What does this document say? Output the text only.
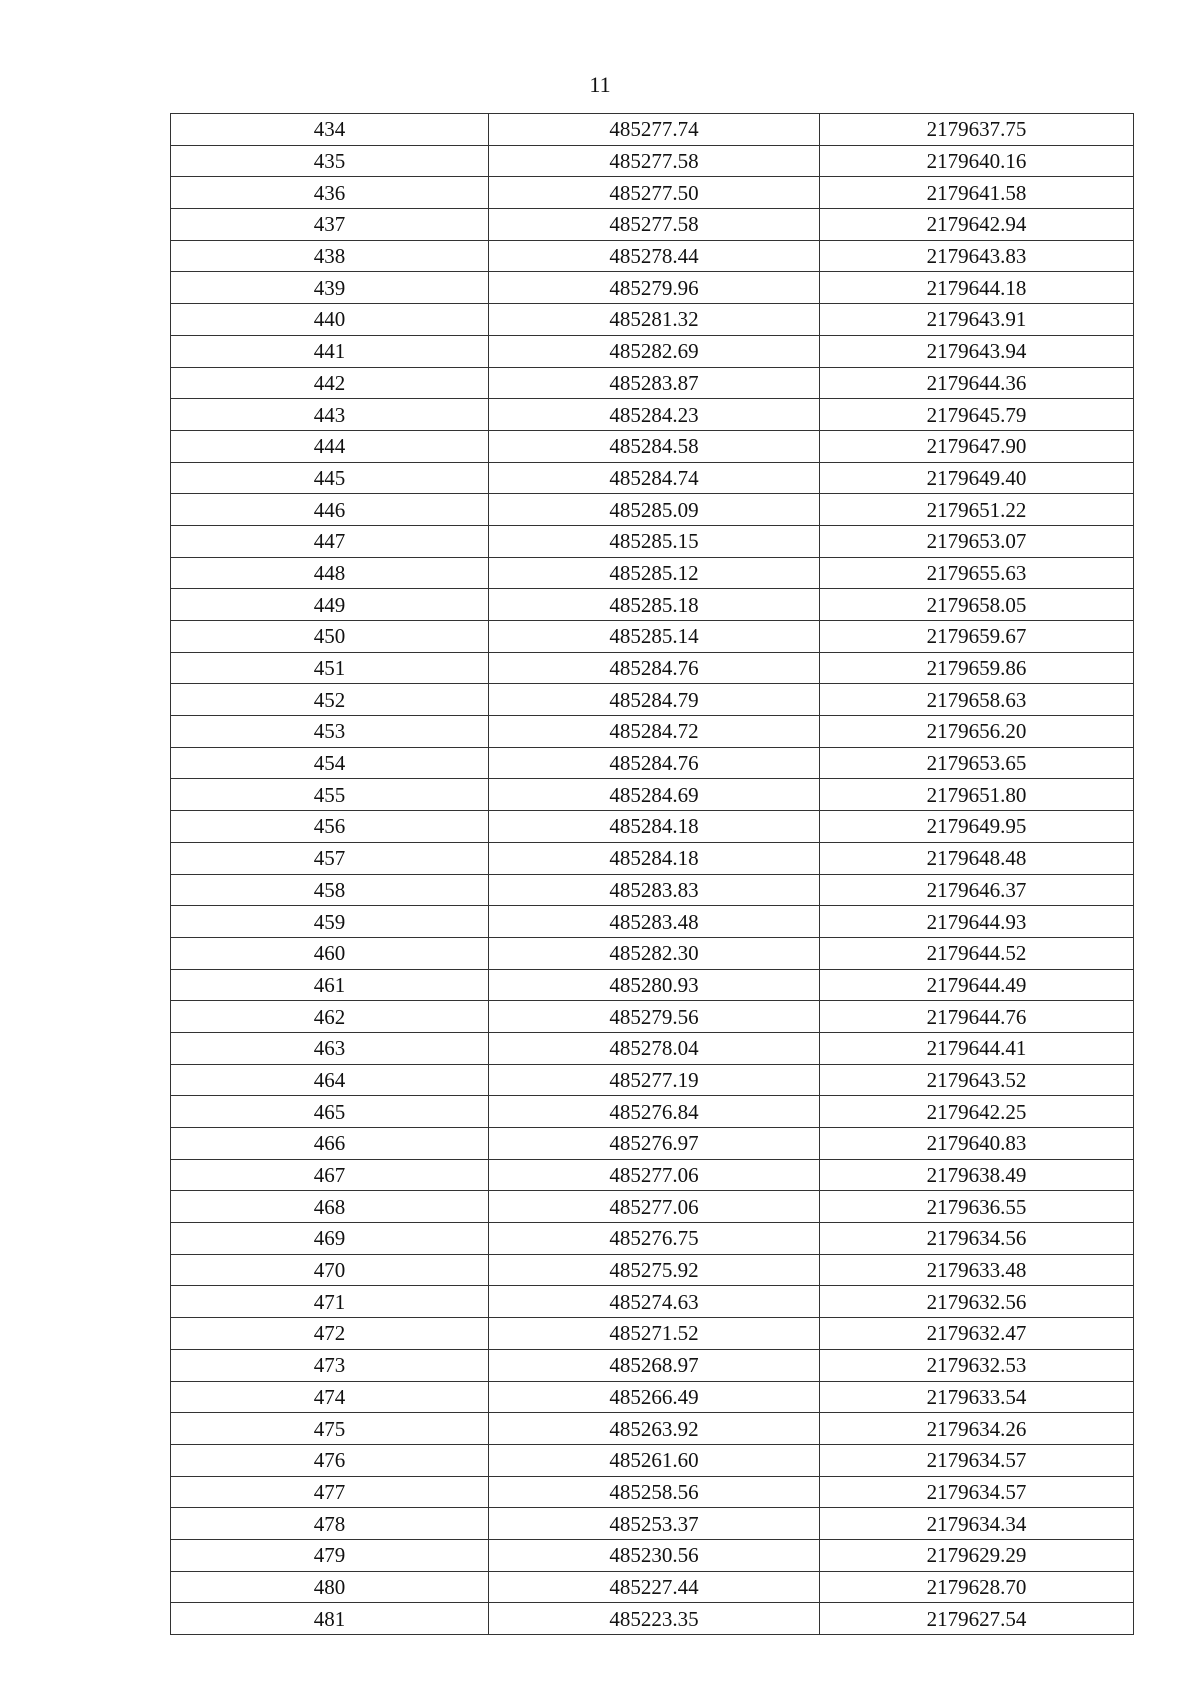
11
434	485277.74	2179637.75
435	485277.58	2179640.16
436	485277.50	2179641.58
437	485277.58	2179642.94
438	485278.44	2179643.83
439	485279.96	2179644.18
440	485281.32	2179643.91
441	485282.69	2179643.94
442	485283.87	2179644.36
443	485284.23	2179645.79
444	485284.58	2179647.90
445	485284.74	2179649.40
446	485285.09	2179651.22
447	485285.15	2179653.07
448	485285.12	2179655.63
449	485285.18	2179658.05
450	485285.14	2179659.67
451	485284.76	2179659.86
452	485284.79	2179658.63
453	485284.72	2179656.20
454	485284.76	2179653.65
455	485284.69	2179651.80
456	485284.18	2179649.95
457	485284.18	2179648.48
458	485283.83	2179646.37
459	485283.48	2179644.93
460	485282.30	2179644.52
461	485280.93	2179644.49
462	485279.56	2179644.76
463	485278.04	2179644.41
464	485277.19	2179643.52
465	485276.84	2179642.25
466	485276.97	2179640.83
467	485277.06	2179638.49
468	485277.06	2179636.55
469	485276.75	2179634.56
470	485275.92	2179633.48
471	485274.63	2179632.56
472	485271.52	2179632.47
473	485268.97	2179632.53
474	485266.49	2179633.54
475	485263.92	2179634.26
476	485261.60	2179634.57
477	485258.56	2179634.57
478	485253.37	2179634.34
479	485230.56	2179629.29
480	485227.44	2179628.70
481	485223.35	2179627.54
